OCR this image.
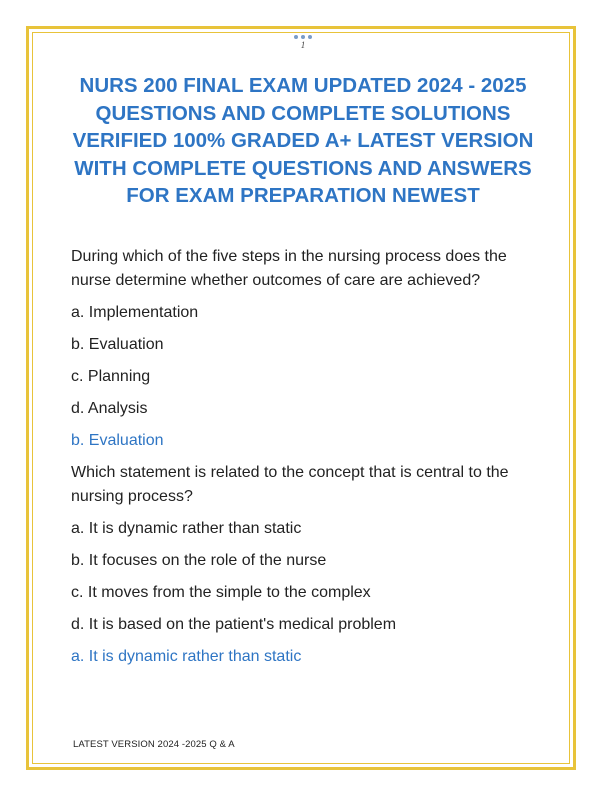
1
NURS 200 FINAL EXAM UPDATED 2024 - 2025 QUESTIONS AND COMPLETE SOLUTIONS VERIFIED 100% GRADED A+ LATEST VERSION WITH COMPLETE QUESTIONS AND ANSWERS FOR EXAM PREPARATION NEWEST

During which of the five steps in the nursing process does the nurse determine whether outcomes of care are achieved?

a. Implementation

b. Evaluation

c. Planning

d. Analysis

b. Evaluation

Which statement is related to the concept that is central to the nursing process?

a. It is dynamic rather than static

b. It focuses on the role of the nurse

c. It moves from the simple to the complex

d. It is based on the patient's medical problem

a. It is dynamic rather than static

LATEST VERSION 2024 -2025 Q & A
